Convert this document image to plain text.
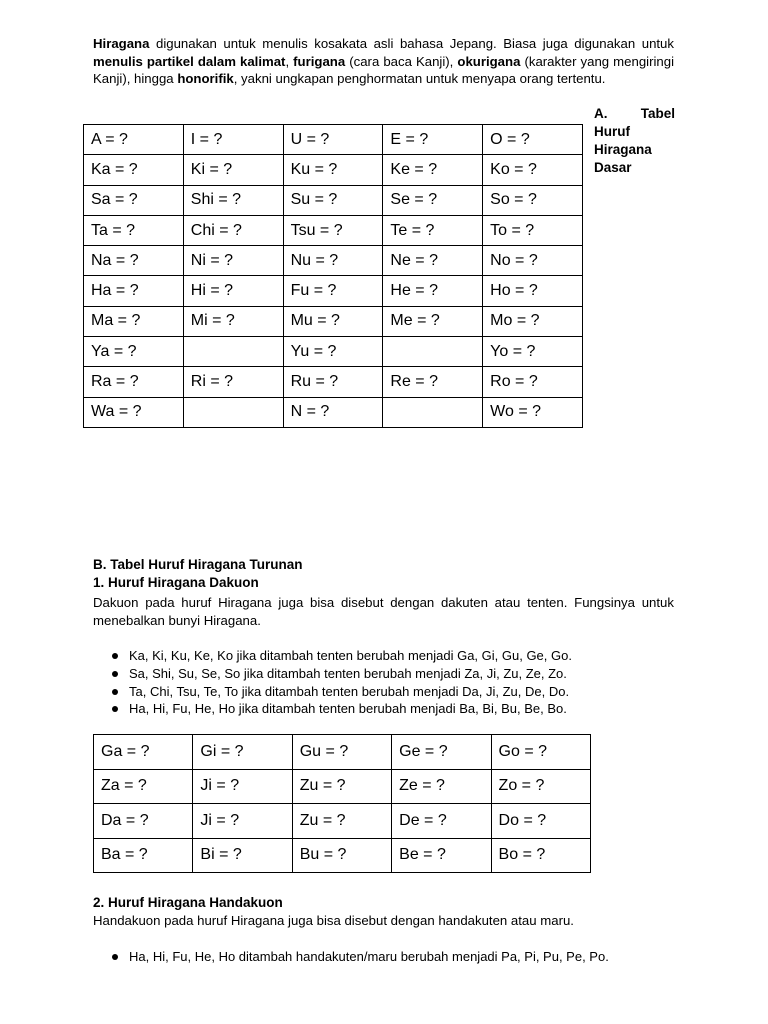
Hiragana digunakan untuk menulis kosakata asli bahasa Jepang. Biasa juga digunakan untuk menulis partikel dalam kalimat, furigana (cara baca Kanji), okurigana (karakter yang mengiringi Kanji), hingga honorifik, yakni ungkapan penghormatan untuk menyapa orang tertentu.
A. Tabel
Huruf
Hiragana
Dasar
A = ?	I = ?	U = ?	E = ?	O = ?
Ka = ?	Ki = ?	Ku = ?	Ke = ?	Ko = ?
Sa = ?	Shi = ?	Su = ?	Se = ?	So = ?
Ta = ?	Chi = ?	Tsu = ?	Te = ?	To = ?
Na = ?	Ni = ?	Nu = ?	Ne = ?	No = ?
Ha = ?	Hi = ?	Fu = ?	He = ?	Ho = ?
Ma = ?	Mi = ?	Mu = ?	Me = ?	Mo = ?
Ya = ?		Yu = ?		Yo = ?
Ra = ?	Ri = ?	Ru = ?	Re = ?	Ro = ?
Wa = ?		N = ?		Wo = ?
B. Tabel Huruf Hiragana Turunan
1. Huruf Hiragana Dakuon
Dakuon pada huruf Hiragana juga bisa disebut dengan dakuten atau tenten. Fungsinya untuk menebalkan bunyi Hiragana.
Ka, Ki, Ku, Ke, Ko jika ditambah tenten berubah menjadi Ga, Gi, Gu, Ge, Go.
Sa, Shi, Su, Se, So jika ditambah tenten berubah menjadi Za, Ji, Zu, Ze, Zo.
Ta, Chi, Tsu, Te, To jika ditambah tenten berubah menjadi Da, Ji, Zu, De, Do.
Ha, Hi, Fu, He, Ho jika ditambah tenten berubah menjadi Ba, Bi, Bu, Be, Bo.
Ga = ?	Gi = ?	Gu = ?	Ge = ?	Go = ?
Za = ?	Ji = ?	Zu = ?	Ze = ?	Zo = ?
Da = ?	Ji = ?	Zu = ?	De = ?	Do = ?
Ba = ?	Bi = ?	Bu = ?	Be = ?	Bo = ?
2. Huruf Hiragana Handakuon
Handakuon pada huruf Hiragana juga bisa disebut dengan handakuten atau maru.
Ha, Hi, Fu, He, Ho ditambah handakuten/maru berubah menjadi Pa, Pi, Pu, Pe, Po.
